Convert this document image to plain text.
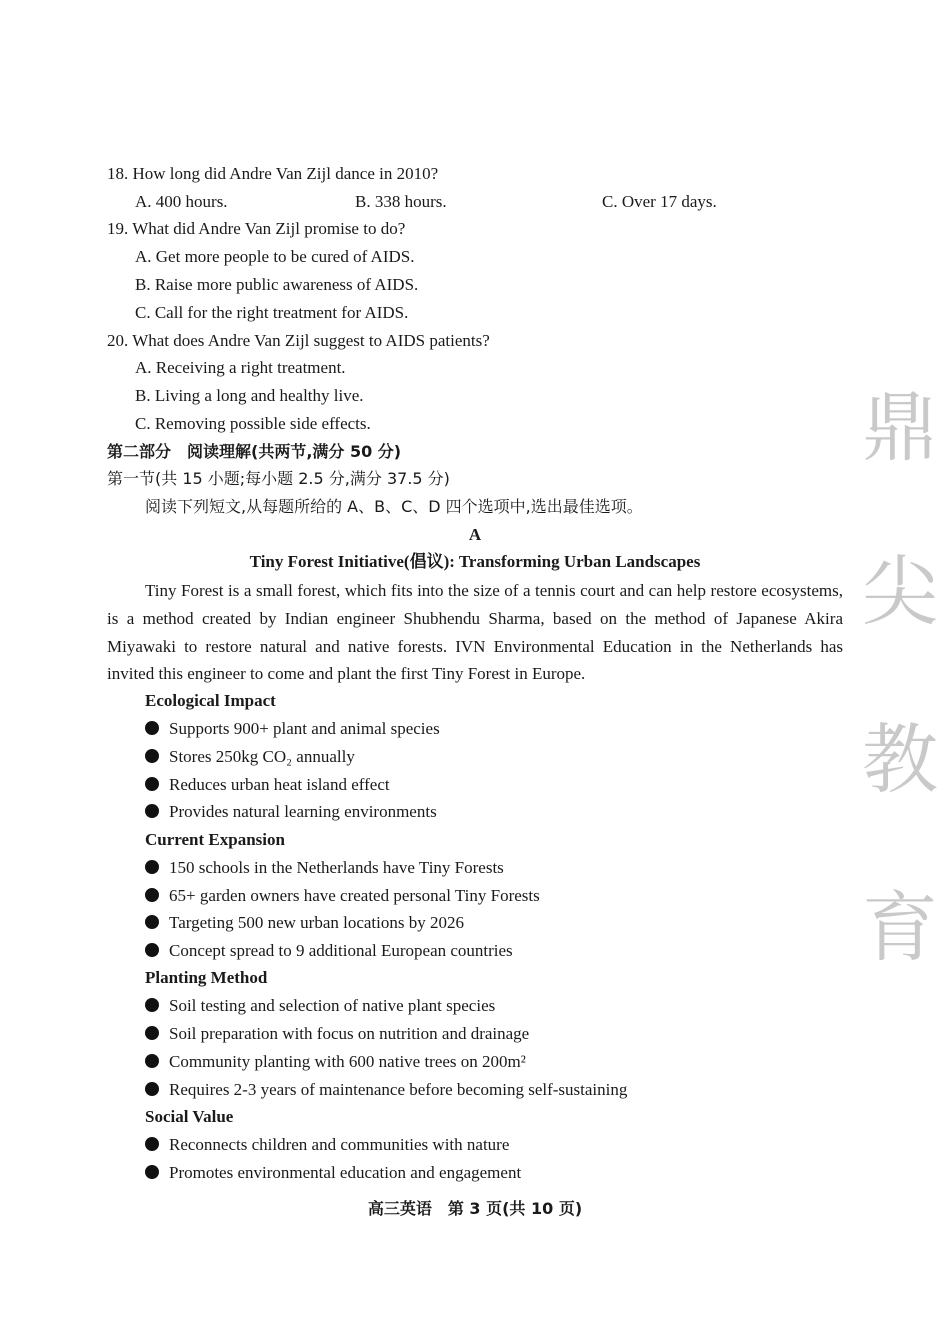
18. How long did Andre Van Zijl dance in 2010?
A. 400 hours.	B. 338 hours.	C. Over 17 days.
19. What did Andre Van Zijl promise to do?
A. Get more people to be cured of AIDS.
B. Raise more public awareness of AIDS.
C. Call for the right treatment for AIDS.
20. What does Andre Van Zijl suggest to AIDS patients?
A. Receiving a right treatment.
B. Living a long and healthy live.
C. Removing possible side effects.
第二部分　阅读理解(共两节,满分 50 分)
第一节(共 15 小题;每小题 2.5 分,满分 37.5 分)
阅读下列短文,从每题所给的 A、B、C、D 四个选项中,选出最佳选项。
A
Tiny Forest Initiative(倡议): Transforming Urban Landscapes
Tiny Forest is a small forest, which fits into the size of a tennis court and can help restore ecosystems, is a method created by Indian engineer Shubhendu Sharma, based on the method of Japanese Akira Miyawaki to restore natural and native forests. IVN Environmental Education in the Netherlands has invited this engineer to come and plant the first Tiny Forest in Europe.
Ecological Impact
Supports 900+ plant and animal species
Stores 250kg CO₂ annually
Reduces urban heat island effect
Provides natural learning environments
Current Expansion
150 schools in the Netherlands have Tiny Forests
65+ garden owners have created personal Tiny Forests
Targeting 500 new urban locations by 2026
Concept spread to 9 additional European countries
Planting Method
Soil testing and selection of native plant species
Soil preparation with focus on nutrition and drainage
Community planting with 600 native trees on 200m²
Requires 2-3 years of maintenance before becoming self-sustaining
Social Value
Reconnects children and communities with nature
Promotes environmental education and engagement
高三英语　第 3 页(共 10 页)
鼎
尖
教
育
